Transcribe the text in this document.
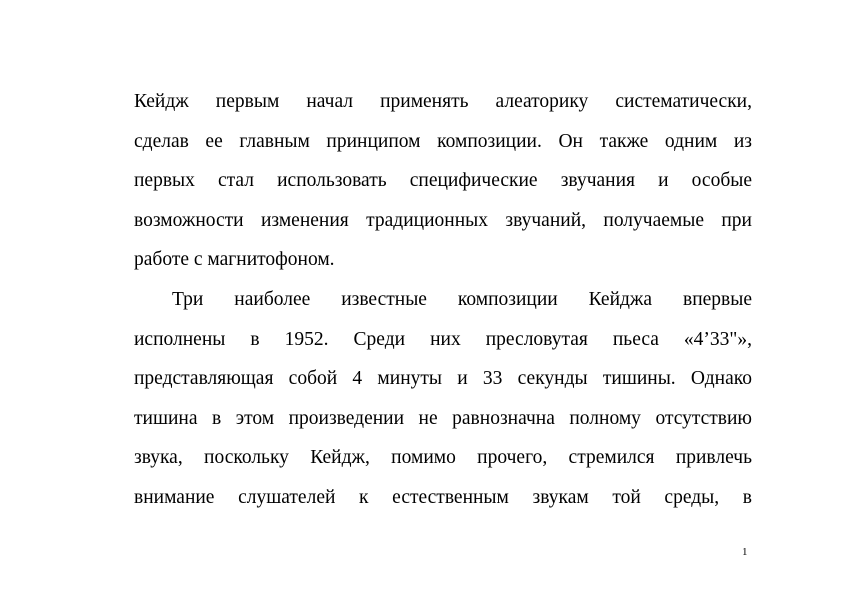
Кейдж первым начал применять алеаторику систематически,
сделав ее главным принципом композиции. Он также одним из
первых стал использовать специфические звучания и особые
возможности изменения традиционных звучаний, получаемые при
работе с магнитофоном.
Три наиболее известные композиции Кейджа впервые
исполнены в 1952. Среди них пресловутая пьеса «4’33"»,
представляющая собой 4 минуты и 33 секунды тишины. Однако
тишина в этом произведении не равнозначна полному отсутствию
звука, поскольку Кейдж, помимо прочего, стремился привлечь
внимание слушателей к естественным звукам той среды, в
1
